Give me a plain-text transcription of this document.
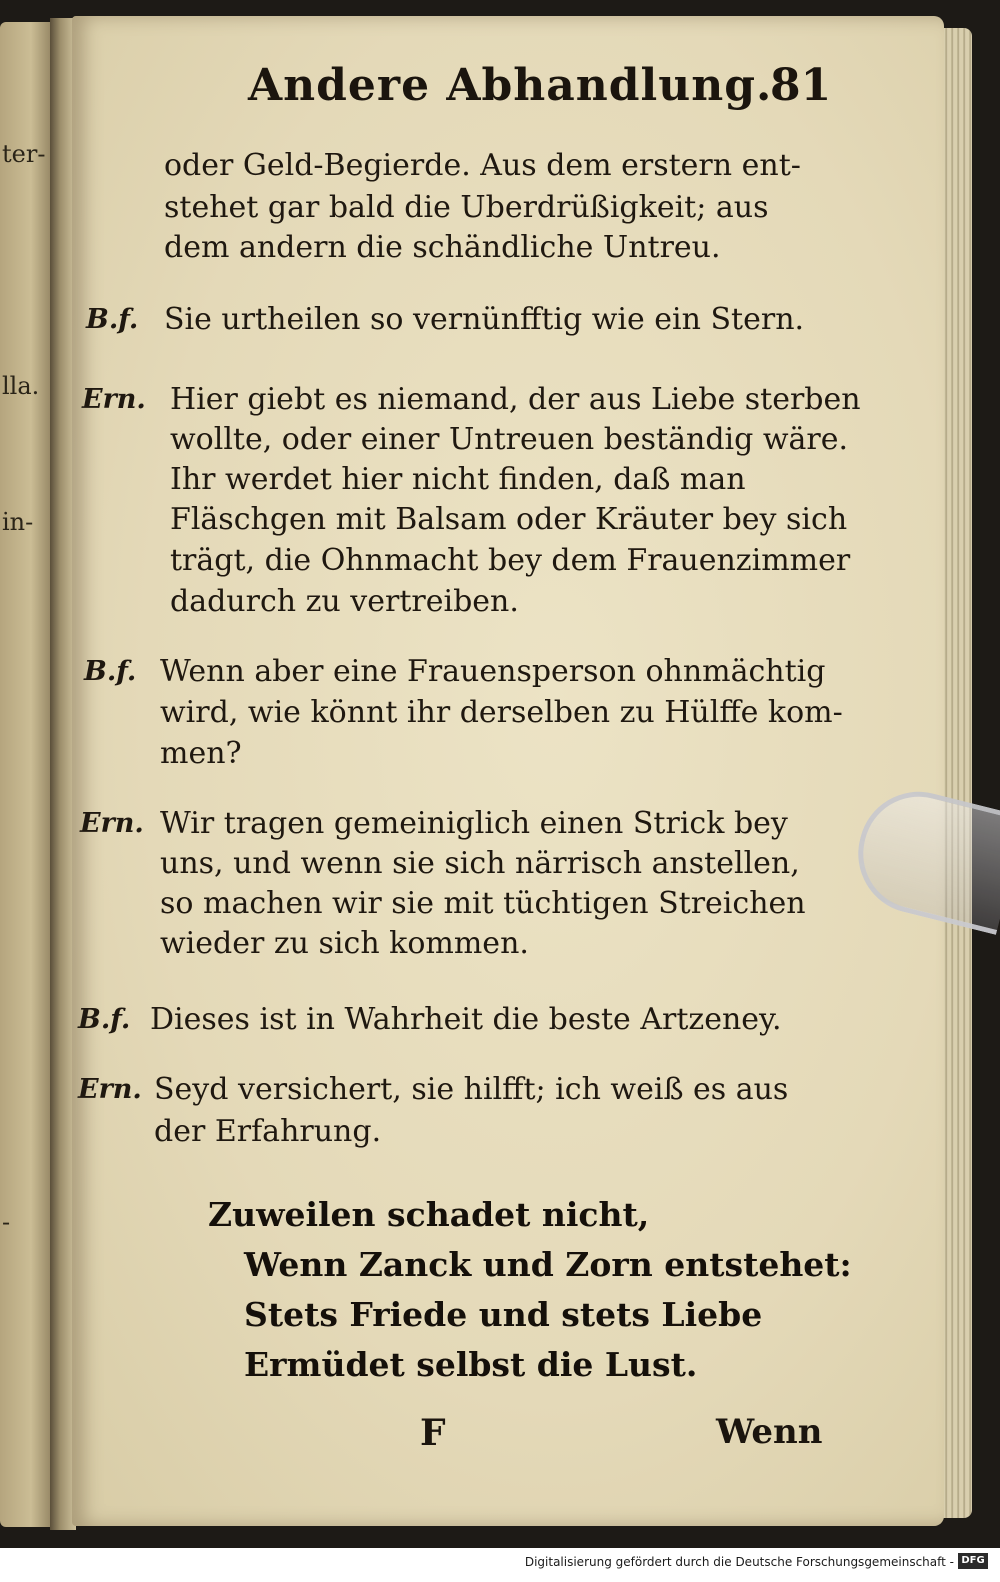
ter-
lla.
in-
-
Andere Abhandlung.
81
oder Geld-Begierde. Aus dem erstern ent-
stehet gar bald die Uberdrüßigkeit; aus
dem andern die schändliche Untreu.
B.f. Sie urtheilen so vernünfftig wie ein Stern.
Ern. Hier giebt es niemand, der aus Liebe sterben
wollte, oder einer Untreuen beständig wäre.
Ihr werdet hier nicht finden, daß man
Fläschgen mit Balsam oder Kräuter bey sich
trägt, die Ohnmacht bey dem Frauenzimmer
dadurch zu vertreiben.
B.f. Wenn aber eine Frauensperson ohnmächtig
wird, wie könnt ihr derselben zu Hülffe kom-
men?
Ern. Wir tragen gemeiniglich einen Strick bey
uns, und wenn sie sich närrisch anstellen,
so machen wir sie mit tüchtigen Streichen
wieder zu sich kommen.
B.f. Dieses ist in Wahrheit die beste Artzeney.
Ern. Seyd versichert, sie hilfft; ich weiß es aus
der Erfahrung.
Zuweilen schadet nicht,
Wenn Zanck und Zorn entstehet:
Stets Friede und stets Liebe
Ermüdet selbst die Lust.
F	Wenn
Digitalisierung gefördert durch die Deutsche Forschungsgemeinschaft - DFG
